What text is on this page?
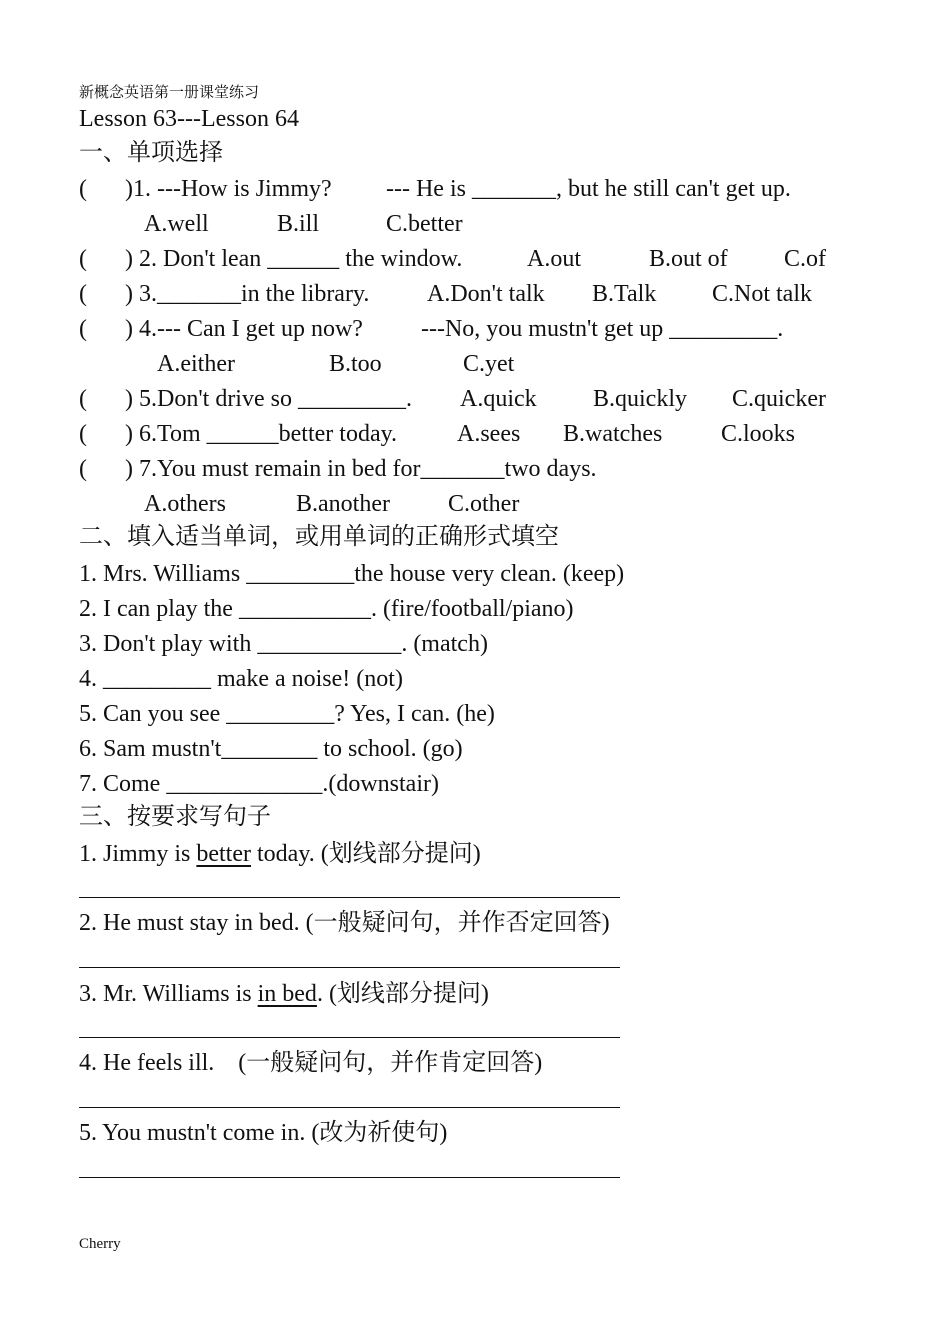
新概念英语第一册课堂练习
Lesson 63---Lesson 64
一、单项选择
( )1. ---How is Jimmy? --- He is _______, but he still can't get up.
A.well	B.ill	C.better
( ) 2. Don't lean ______ the window.	A.out	B.out of C.of
( ) 3._______in the library. A.Don't talk B.Talk C.Not talk
( ) 4.--- Can I get up now? ---No, you mustn't get up _________.
A.either	B.too	C.yet
( ) 5.Don't drive so _________. A.quick B.quickly C.quicker
( ) 6.Tom ______better today. A.sees B.watches C.looks
( ) 7.You must remain in bed for_______two days.
A.others	B.another C.other
二、填入适当单词，或用单词的正确形式填空
1. Mrs. Williams _________the house very clean. (keep)
2. I can play the ___________. (fire/football/piano)
3. Don't play with ____________. (match)
4. _________ make a noise! (not)
5. Can you see _________? Yes, I can. (he)
6. Sam mustn't________ to school. (go)
7. Come _____________.(downstair)
三、按要求写句子
1. Jimmy is better today. (划线部分提问)
2. He must stay in bed. (一般疑问句，并作否定回答)
3. Mr. Williams is in bed. (划线部分提问)
4. He feels ill.    (一般疑问句，并作肯定回答)
5. You mustn't come in. (改为祈使句)
Cherry
